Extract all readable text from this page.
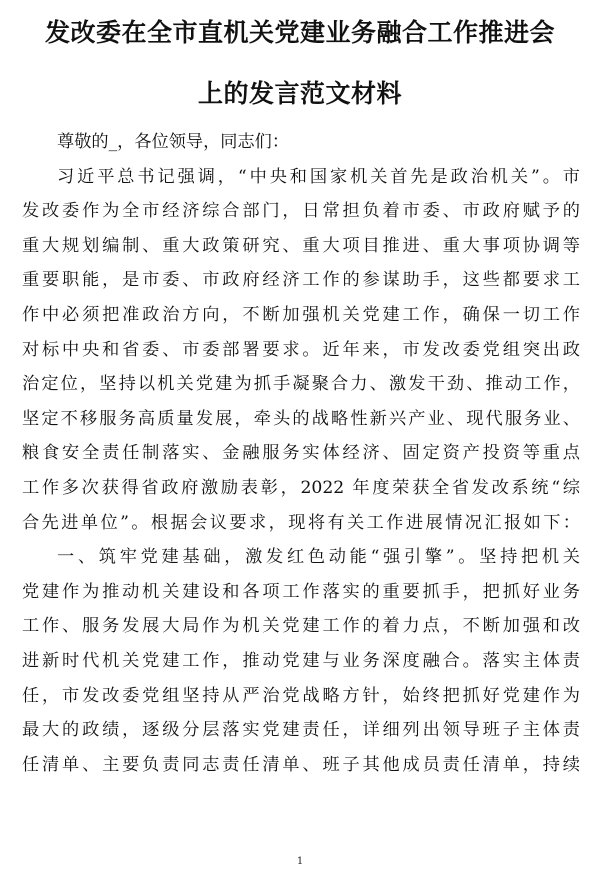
发改委在全市直机关党建业务融合工作推进会
上的发言范文材料
尊敬的_，各位领导，同志们：
习近平总书记强调，“中央和国家机关首先是政治机关”。市
发改委作为全市经济综合部门，日常担负着市委、市政府赋予的
重大规划编制、重大政策研究、重大项目推进、重大事项协调等
重要职能，是市委、市政府经济工作的参谋助手，这些都要求工
作中必须把准政治方向，不断加强机关党建工作，确保一切工作
对标中央和省委、市委部署要求。近年来，市发改委党组突出政
治定位，坚持以机关党建为抓手凝聚合力、激发干劲、推动工作，
坚定不移服务高质量发展，牵头的战略性新兴产业、现代服务业、
粮食安全责任制落实、金融服务实体经济、固定资产投资等重点
工作多次获得省政府激励表彰，2022 年度荣获全省发改系统“综
合先进单位”。根据会议要求，现将有关工作进展情况汇报如下：
一、筑牢党建基础，激发红色动能“强引擎”。坚持把机关
党建作为推动机关建设和各项工作落实的重要抓手，把抓好业务
工作、服务发展大局作为机关党建工作的着力点，不断加强和改
进新时代机关党建工作，推动党建与业务深度融合。落实主体责
任，市发改委党组坚持从严治党战略方针，始终把抓好党建作为
最大的政绩，逐级分层落实党建责任，详细列出领导班子主体责
任清单、主要负责同志责任清单、班子其他成员责任清单，持续
1
